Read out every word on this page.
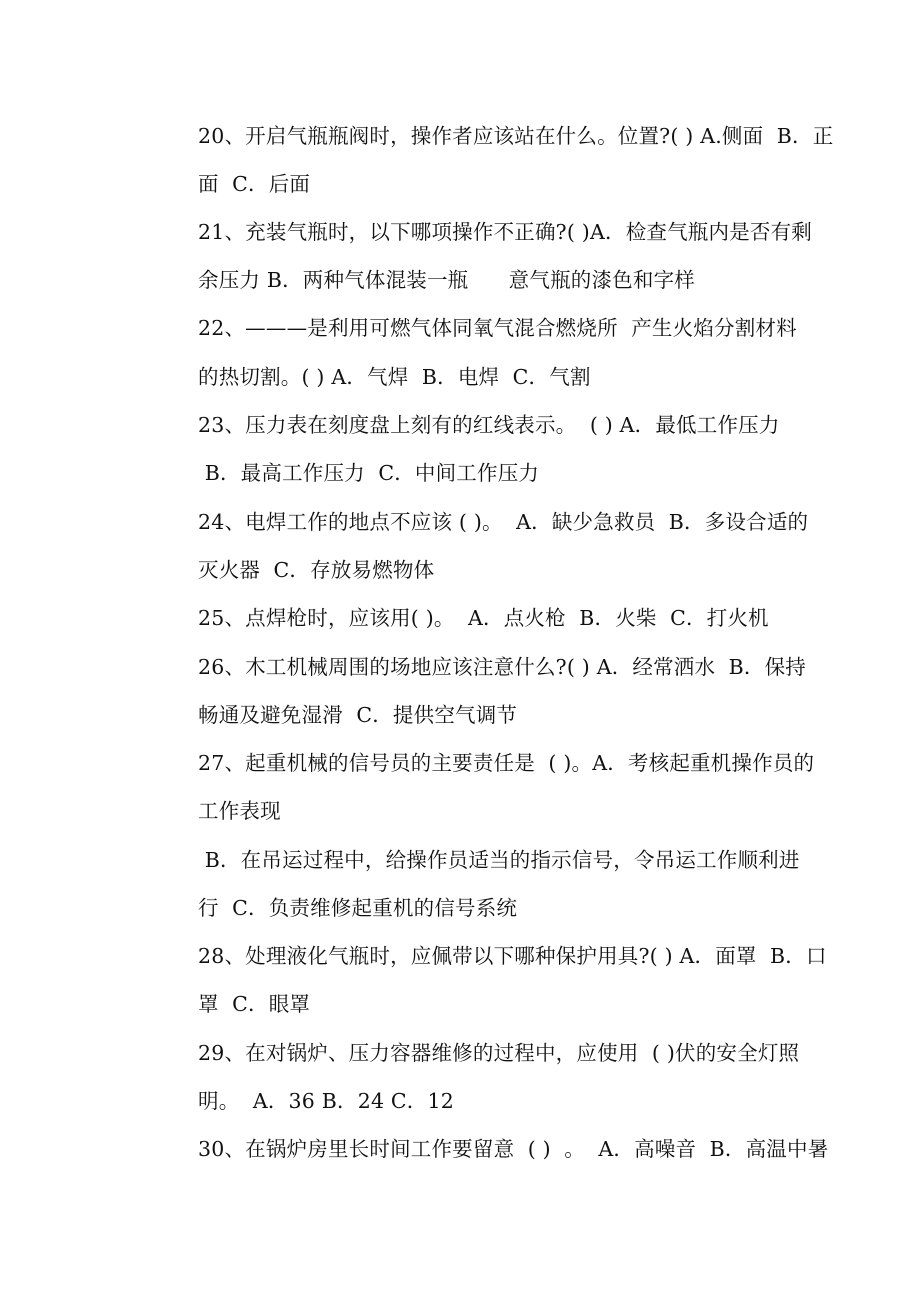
20、开启气瓶瓶阀时，操作者应该站在什么。位置?( ) A.侧面  B．正
面  C．后面
21、充装气瓶时，以下哪项操作不正确?( )A．检查气瓶内是否有剩
余压力 B．两种气体混装一瓶      意气瓶的漆色和字样
22、———是利用可燃气体同氧气混合燃烧所  产生火焰分割材料
的热切割。( ) A．气焊  B．电焊  C．气割
23、压力表在刻度盘上刻有的红线表示。  ( ) A．最低工作压力
B．最高工作压力  C．中间工作压力
24、电焊工作的地点不应该 ( )。  A．缺少急救员  B．多设合适的
灭火器  C．存放易燃物体
25、点焊枪时，应该用( )。  A．点火枪  B．火柴  C．打火机
26、木工机械周围的场地应该注意什么?( ) A．经常洒水  B．保持
畅通及避免湿滑  C．提供空气调节
27、起重机械的信号员的主要责任是  ( )。A．考核起重机操作员的
工作表现
B．在吊运过程中，给操作员适当的指示信号，令吊运工作顺利进
行  C．负责维修起重机的信号系统
28、处理液化气瓶时，应佩带以下哪种保护用具?( ) A．面罩  B．口
罩  C．眼罩
29、在对锅炉、压力容器维修的过程中，应使用  ( )伏的安全灯照
明。  A．36 B．24 C．12
30、在锅炉房里长时间工作要留意  ( )  。  A．高噪音  B．高温中暑
